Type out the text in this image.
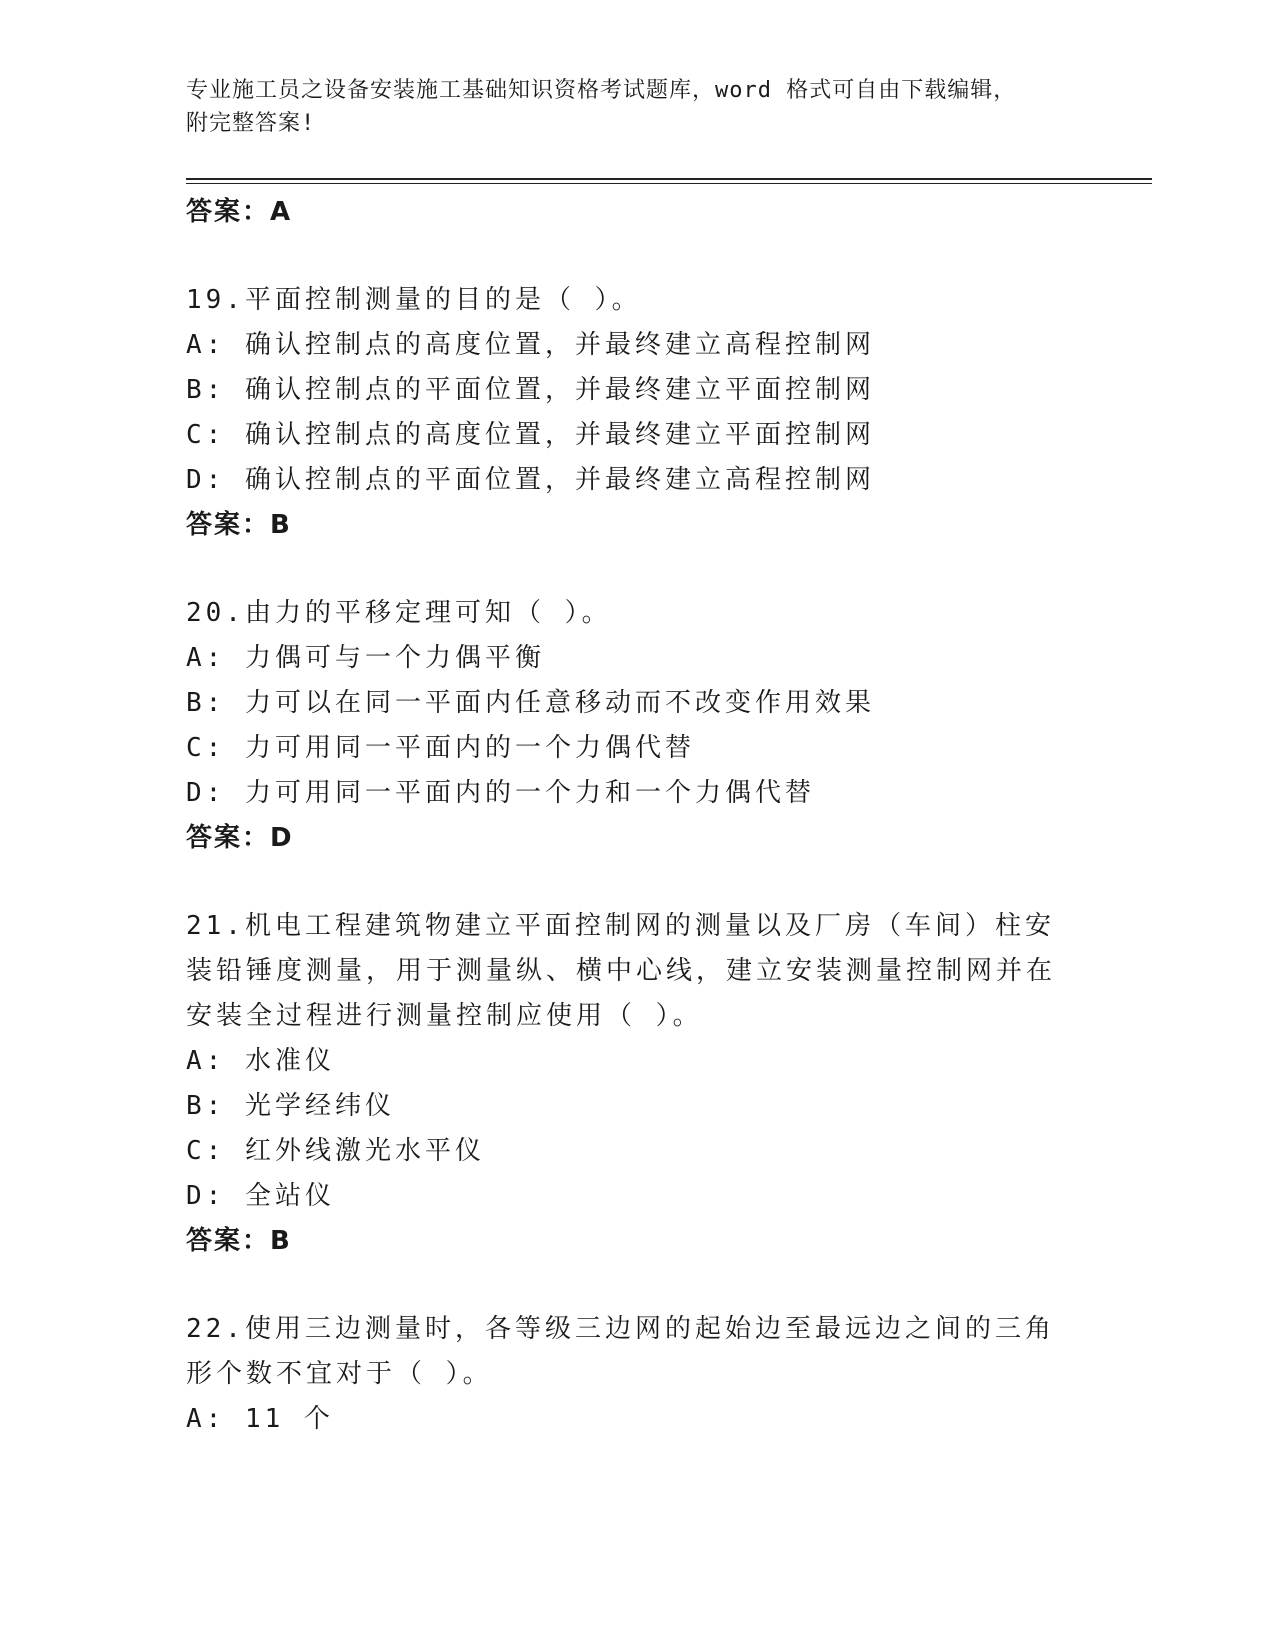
专业施工员之设备安装施工基础知识资格考试题库，word 格式可自由下载编辑，
附完整答案!
答案：A
19.平面控制测量的目的是（ ）。
A: 确认控制点的高度位置，并最终建立高程控制网
B: 确认控制点的平面位置，并最终建立平面控制网
C: 确认控制点的高度位置，并最终建立平面控制网
D: 确认控制点的平面位置，并最终建立高程控制网
答案：B
20.由力的平移定理可知（ ）。
A: 力偶可与一个力偶平衡
B: 力可以在同一平面内任意移动而不改变作用效果
C: 力可用同一平面内的一个力偶代替
D: 力可用同一平面内的一个力和一个力偶代替
答案：D
21.机电工程建筑物建立平面控制网的测量以及厂房（车间）柱安装铅锤度测量，用于测量纵、横中心线，建立安装测量控制网并在安装全过程进行测量控制应使用（ ）。
A: 水准仪
B: 光学经纬仪
C: 红外线激光水平仪
D: 全站仪
答案：B
22.使用三边测量时，各等级三边网的起始边至最远边之间的三角形个数不宜对于（ ）。
A: 11 个
